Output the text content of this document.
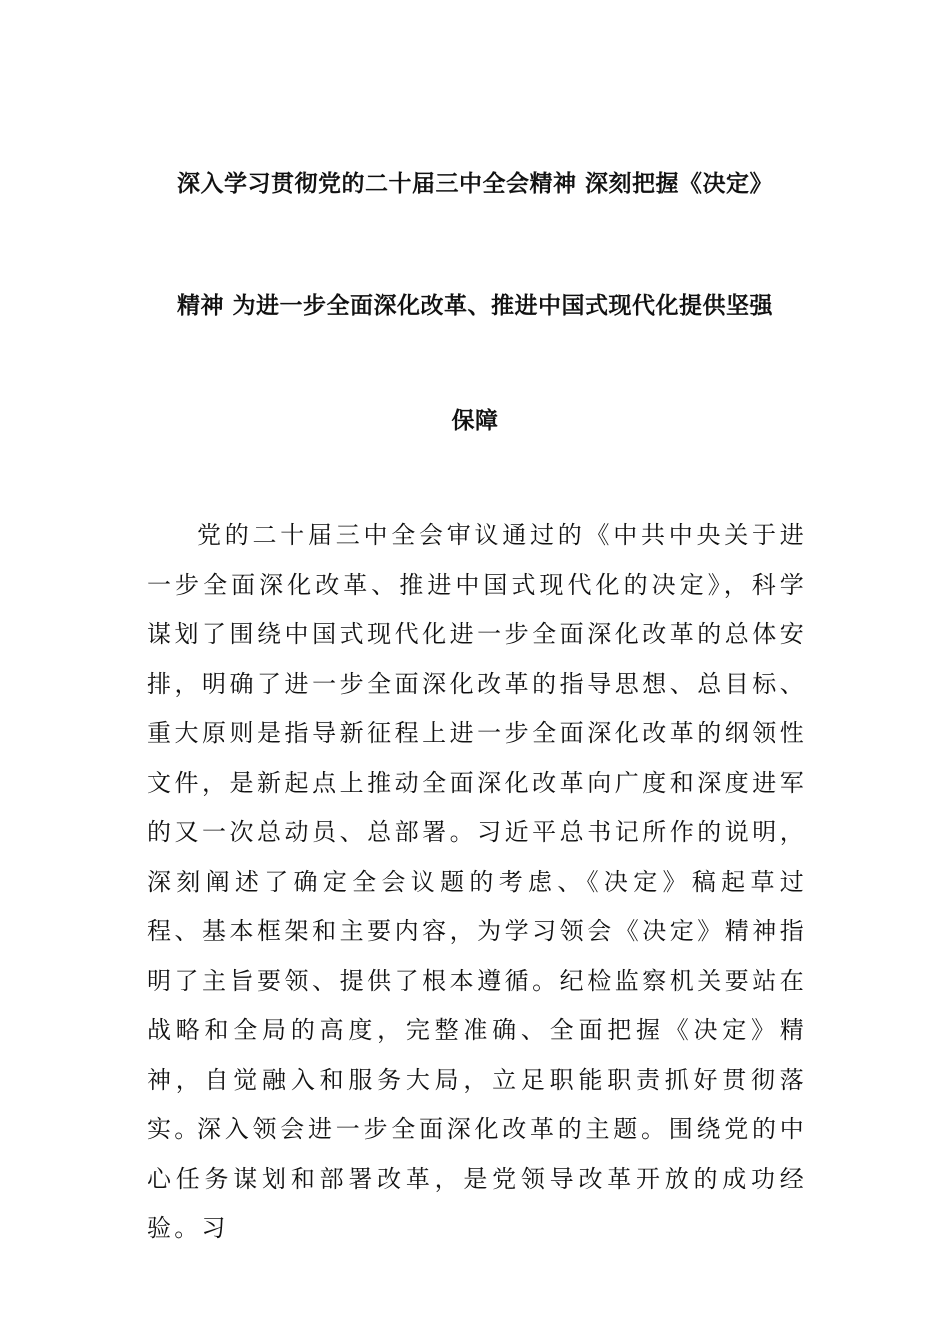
深入学习贯彻党的二十届三中全会精神 深刻把握《决定》
精神 为进一步全面深化改革、推进中国式现代化提供坚强
保障

党的二十届三中全会审议通过的《中共中央关于进一步全面深化改革、推进中国式现代化的决定》，科学谋划了围绕中国式现代化进一步全面深化改革的总体安排，明确了进一步全面深化改革的指导思想、总目标、重大原则是指导新征程上进一步全面深化改革的纲领性文件，是新起点上推动全面深化改革向广度和深度进军的又一次总动员、总部署。习近平总书记所作的说明，深刻阐述了确定全会议题的考虑、《决定》稿起草过程、基本框架和主要内容，为学习领会《决定》精神指明了主旨要领、提供了根本遵循。纪检监察机关要站在战略和全局的高度，完整准确、全面把握《决定》精神，自觉融入和服务大局，立足职能职责抓好贯彻落实。

深入领会进一步全面深化改革的主题。围绕党的中心任务谋划和部署改革，是党领导改革开放的成功经验。习
